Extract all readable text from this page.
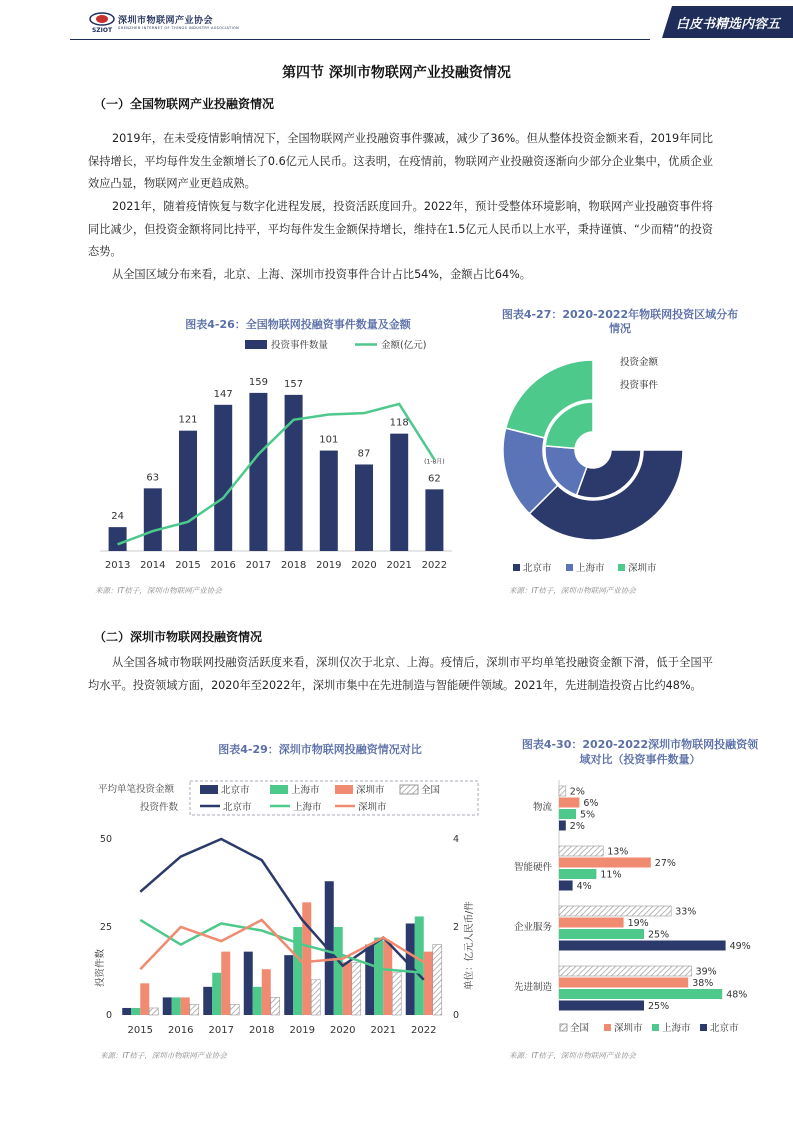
SZIOT
深圳市物联网产业协会
SHENZHEN INTERNET OF THINGS INDUSTRY ASSOCIATION	白皮书精选内容五
第四节 深圳市物联网产业投融资情况
（一）全国物联网产业投融资情况
2019年，在未受疫情影响情况下，全国物联网产业投融资事件骤减，减少了36%。但从整体投资金额来看，2019年同比保持增长，平均每件发生金额增长了0.6亿元人民币。这表明，在疫情前，物联网产业投融资逐渐向少部分企业集中，优质企业效应凸显，物联网产业更趋成熟。
2021年，随着疫情恢复与数字化进程发展，投资活跃度回升。2022年，预计受整体环境影响，物联网产业投融资事件将同比减少，但投资金额将同比持平，平均每件发生金额保持增长，维持在1.5亿元人民币以上水平，秉持谨慎、“少而精”的投资态势。
从全国区域分布来看，北京、上海、深圳市投资事件合计占比54%，金额占比64%。
图表4-26：全国物联网投融资事件数量及金额
投资事件数量	金额(亿元)
24
2013
63
2014
121
2015
147
2016
159
2017
157
2018
101
2019
87
2020
118
2021
62
2022
(1-8月)
来源：IT桔子，深圳市物联网产业协会
图表4-27：2020-2022年物联网投资区域分布情况
投资金额
投资事件
北京市	上海市 深圳市
来源：IT桔子，深圳市物联网产业协会
（二）深圳市物联网投融资情况
从全国各城市物联网投融资活跃度来看，深圳仅次于北京、上海。疫情后，深圳市平均单笔投融资金额下滑，低于全国平均水平。投资领域方面，2020年至2022年，深圳市集中在先进制造与智能硬件领域。2021年，先进制造投资占比约48%。
图表4-29：深圳市物联网投融资情况对比
平均单笔投资金额
投资件数
北京市	上海市	深圳市	全国
北京市	上海市	深圳市
0
25
50
0
2
4
投资件数	单位：亿元人民币/件
2015 2016 2017 2018 2019 2020 2021 2022
来源：IT桔子，深圳市物联网产业协会
图表4-30：2020-2022深圳市物联网投融资领域对比（投资事件数量）
物流
2%
6%
5%
2%
智能硬件
13%
27%
11%
4%
企业服务
33%
19%
25%
49%
先进制造
39%
38%
48%
25%
全国	深圳市 上海市 北京市
来源：IT桔子，深圳市物联网产业协会
